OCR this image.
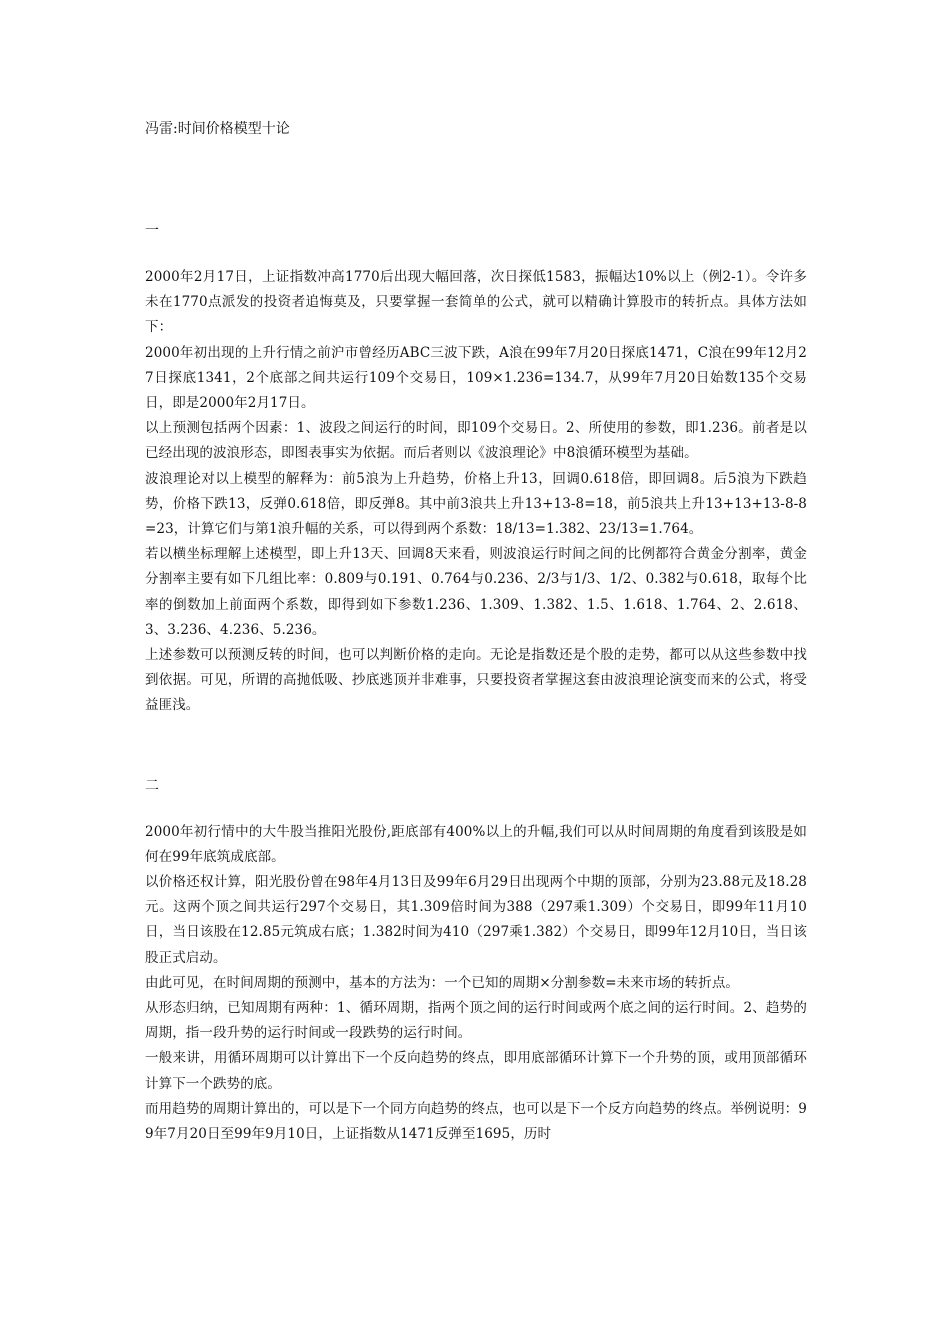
冯雷:时间价格模型十论

一

2000年2月17日，上证指数冲高1770后出现大幅回落，次日探低1583，振幅达10%以上（例2-1）。令许多未在1770点派发的投资者追悔莫及，只要掌握一套简单的公式，就可以精确计算股市的转折点。具体方法如下：

2000年初出现的上升行情之前沪市曾经历ABC三波下跌，A浪在99年7月20日探底1471，C浪在99年12月27日探底1341，2个底部之间共运行109个交易日，109×1.236=134.7，从99年7月20日始数135个交易日，即是2000年2月17日。

以上预测包括两个因素：1、波段之间运行的时间，即109个交易日。2、所使用的参数，即1.236。前者是以已经出现的波浪形态，即图表事实为依据。而后者则以《波浪理论》中8浪循环模型为基础。

波浪理论对以上模型的解释为：前5浪为上升趋势，价格上升13，回调0.618倍，即回调8。后5浪为下跌趋势，价格下跌13，反弹0.618倍，即反弹8。其中前3浪共上升13+13-8=18，前5浪共上升13+13+13-8-8=23，计算它们与第1浪升幅的关系，可以得到两个系数：18/13=1.382、23/13=1.764。

若以横坐标理解上述模型，即上升13天、回调8天来看，则波浪运行时间之间的比例都符合黄金分割率，黄金分割率主要有如下几组比率：0.809与0.191、0.764与0.236、2/3与1/3、1/2、0.382与0.618，取每个比率的倒数加上前面两个系数，即得到如下参数1.236、1.309、1.382、1.5、1.618、1.764、2、2.618、3、3.236、4.236、5.236。

上述参数可以预测反转的时间，也可以判断价格的走向。无论是指数还是个股的走势，都可以从这些参数中找到依据。可见，所谓的高抛低吸、抄底逃顶并非难事，只要投资者掌握这套由波浪理论演变而来的公式，将受益匪浅。

二

2000年初行情中的大牛股当推阳光股份,距底部有400%以上的升幅,我们可以从时间周期的角度看到该股是如何在99年底筑成底部。

以价格还权计算，阳光股份曾在98年4月13日及99年6月29日出现两个中期的顶部，分别为23.88元及18.28元。这两个顶之间共运行297个交易日，其1.309倍时间为388（297乘1.309）个交易日，即99年11月10日，当日该股在12.85元筑成右底；1.382时间为410（297乘1.382）个交易日，即99年12月10日，当日该股正式启动。

由此可见，在时间周期的预测中，基本的方法为：一个已知的周期×分割参数=未来市场的转折点。

从形态归纳，已知周期有两种：1、循环周期，指两个顶之间的运行时间或两个底之间的运行时间。2、趋势的周期，指一段升势的运行时间或一段跌势的运行时间。

一般来讲，用循环周期可以计算出下一个反向趋势的终点，即用底部循环计算下一个升势的顶，或用顶部循环计算下一个跌势的底。

而用趋势的周期计算出的，可以是下一个同方向趋势的终点，也可以是下一个反方向趋势的终点。举例说明：99年7月20日至99年9月10日，上证指数从1471反弹至1695，历时
